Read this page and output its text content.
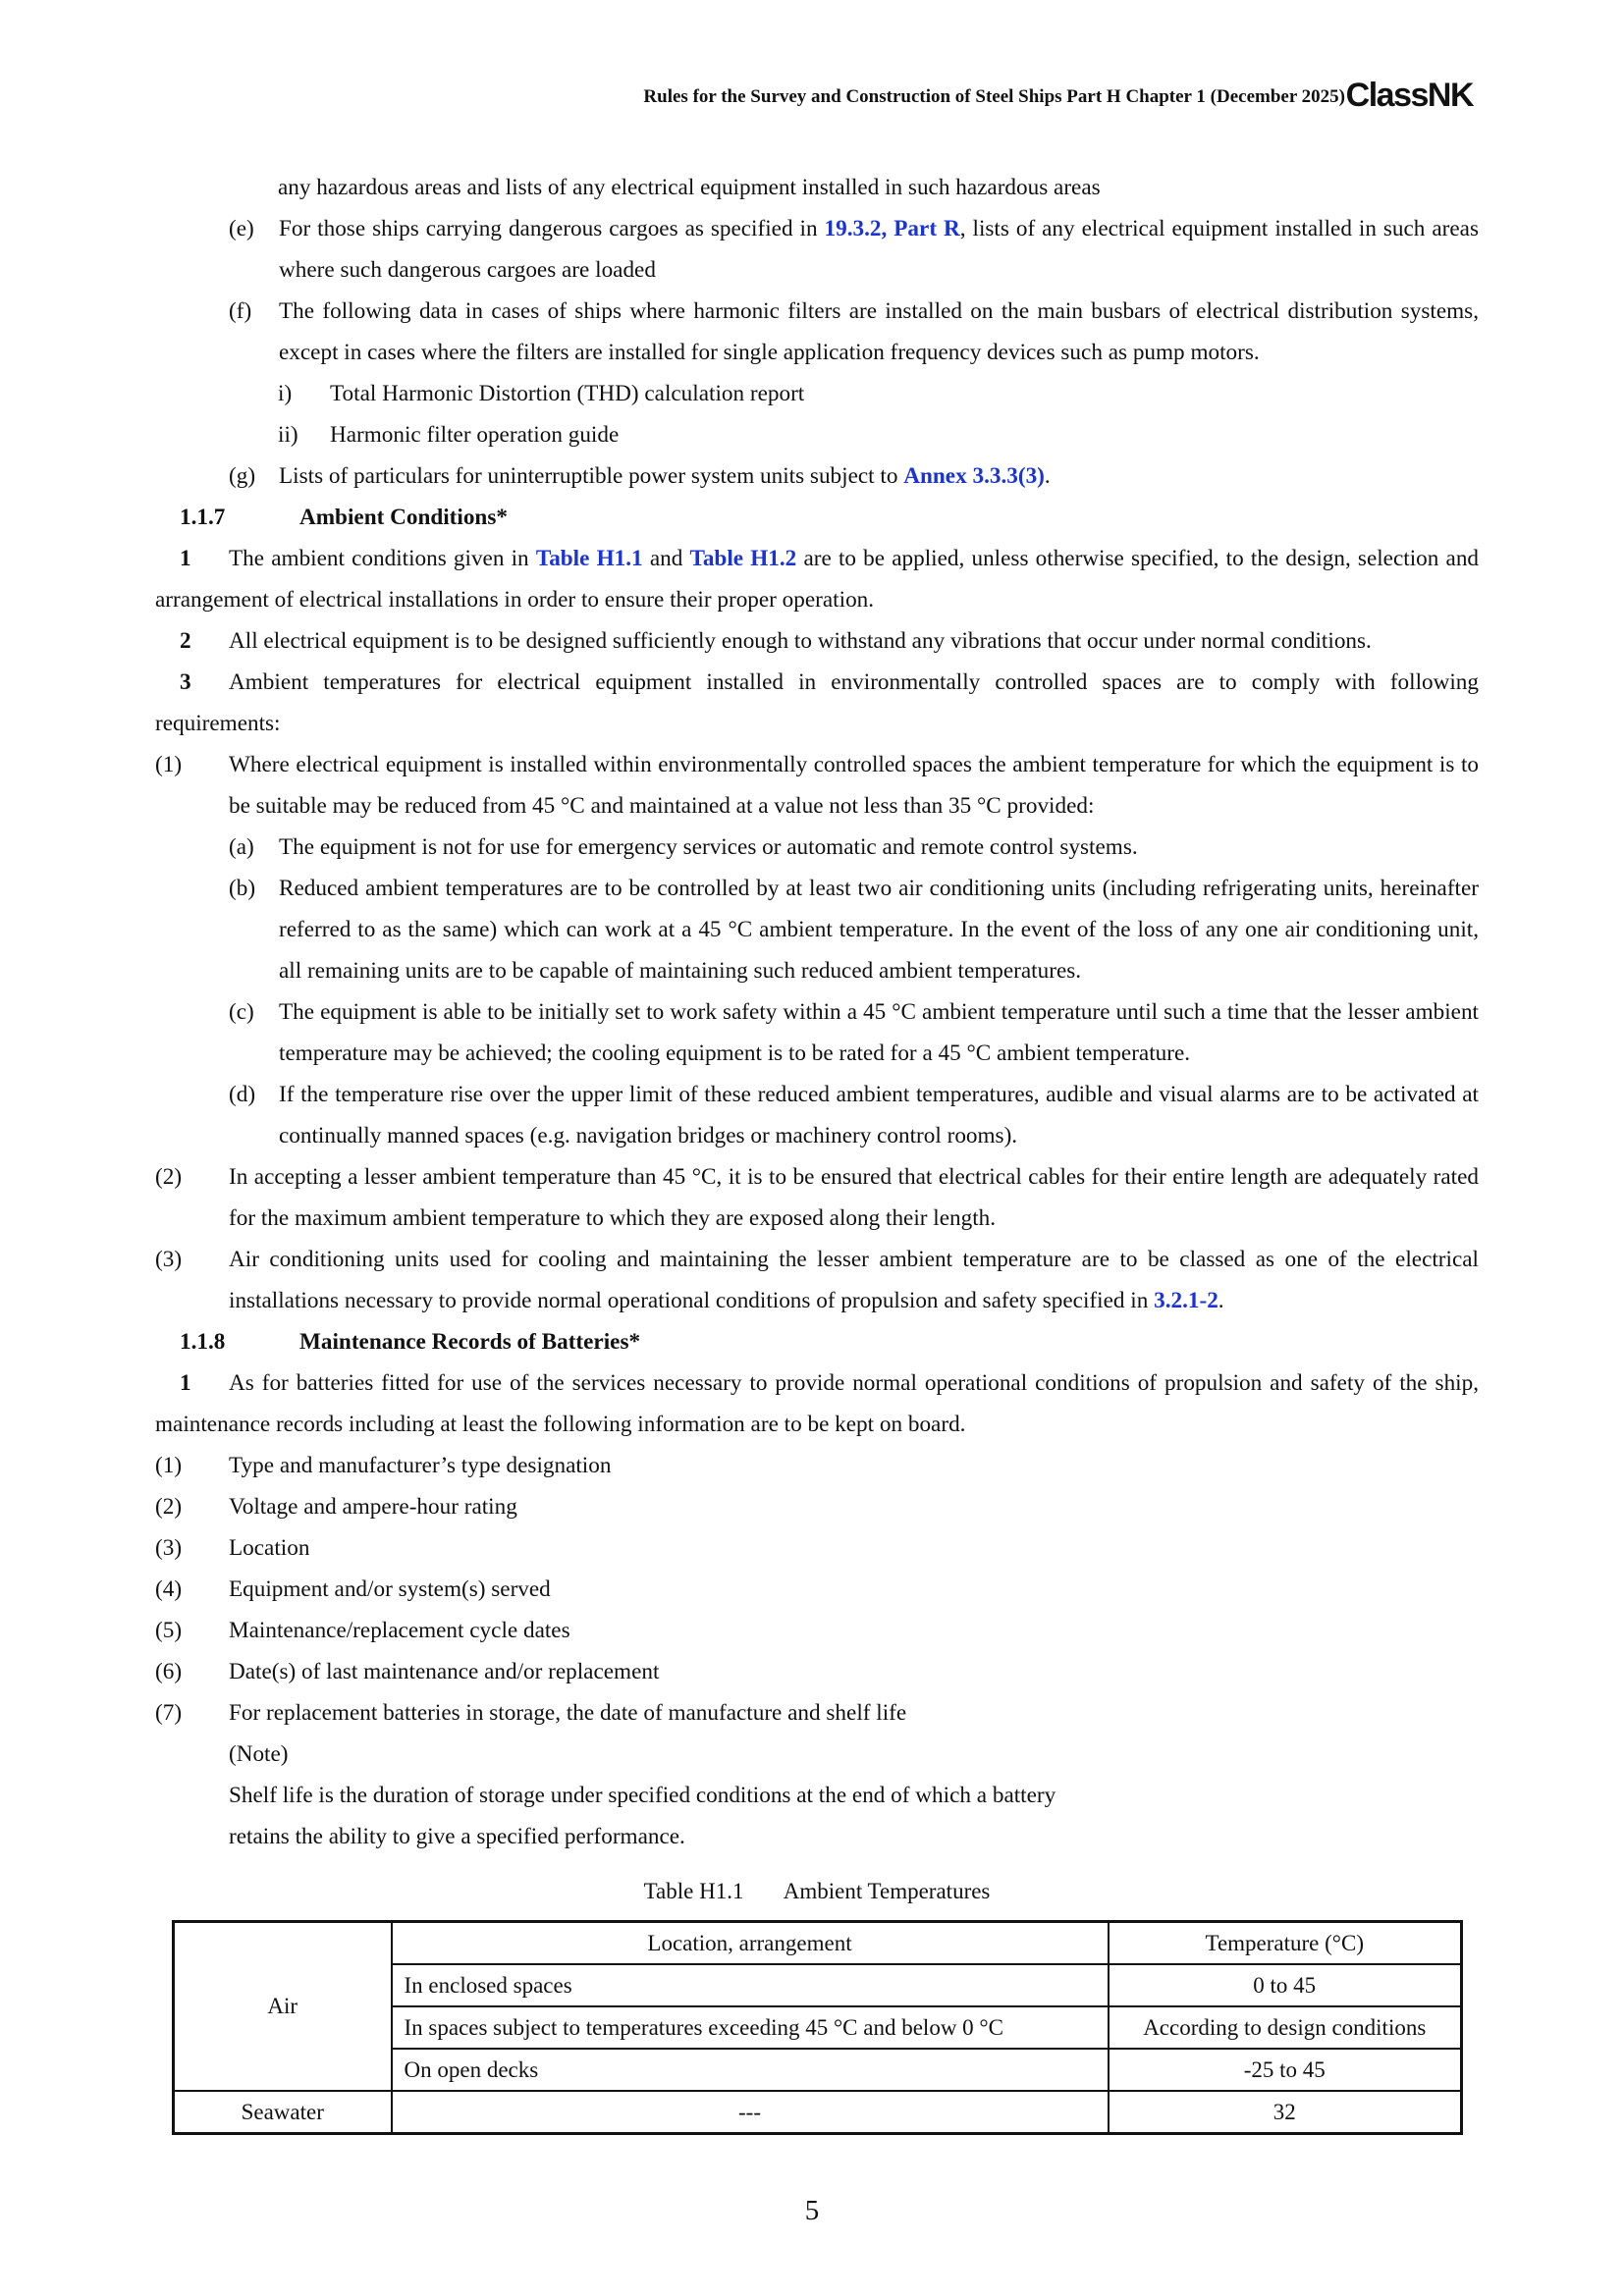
Rules for the Survey and Construction of Steel Ships Part H Chapter 1 (December 2025) ClassNK

any hazardous areas and lists of any electrical equipment installed in such hazardous areas

(e)	For those ships carrying dangerous cargoes as specified in 19.3.2, Part R, lists of any electrical equipment installed in such areas where such dangerous cargoes are loaded
(f)	The following data in cases of ships where harmonic filters are installed on the main busbars of electrical distribution systems, except in cases where the filters are installed for single application frequency devices such as pump motors.
i)	Total Harmonic Distortion (THD) calculation report
ii)	Harmonic filter operation guide
(g)	Lists of particulars for uninterruptible power system units subject to Annex 3.3.3(3).
1.1.7	Ambient Conditions*

1 The ambient conditions given in Table H1.1 and Table H1.2 are to be applied, unless otherwise specified, to the design, selection and arrangement of electrical installations in order to ensure their proper operation.

2 All electrical equipment is to be designed sufficiently enough to withstand any vibrations that occur under normal conditions.

3 Ambient temperatures for electrical equipment installed in environmentally controlled spaces are to comply with following requirements:

(1)	Where electrical equipment is installed within environmentally controlled spaces the ambient temperature for which the equipment is to be suitable may be reduced from 45 °C and maintained at a value not less than 35 °C provided:
(a)	The equipment is not for use for emergency services or automatic and remote control systems.
(b)	Reduced ambient temperatures are to be controlled by at least two air conditioning units (including refrigerating units, hereinafter referred to as the same) which can work at a 45 °C ambient temperature. In the event of the loss of any one air conditioning unit, all remaining units are to be capable of maintaining such reduced ambient temperatures.
(c)	The equipment is able to be initially set to work safety within a 45 °C ambient temperature until such a time that the lesser ambient temperature may be achieved; the cooling equipment is to be rated for a 45 °C ambient temperature.
(d)	If the temperature rise over the upper limit of these reduced ambient temperatures, audible and visual alarms are to be activated at continually manned spaces (e.g. navigation bridges or machinery control rooms).
(2)	In accepting a lesser ambient temperature than 45 °C, it is to be ensured that electrical cables for their entire length are adequately rated for the maximum ambient temperature to which they are exposed along their length.
(3)	Air conditioning units used for cooling and maintaining the lesser ambient temperature are to be classed as one of the electrical installations necessary to provide normal operational conditions of propulsion and safety specified in 3.2.1-2.
1.1.8	Maintenance Records of Batteries*

1 As for batteries fitted for use of the services necessary to provide normal operational conditions of propulsion and safety of the ship, maintenance records including at least the following information are to be kept on board.

(1)	Type and manufacturer’s type designation
(2)	Voltage and ampere-hour rating
(3)	Location
(4)	Equipment and/or system(s) served
(5)	Maintenance/replacement cycle dates
(6)	Date(s) of last maintenance and/or replacement
(7)	For replacement batteries in storage, the date of manufacture and shelf life

(Note)

Shelf life is the duration of storage under specified conditions at the end of which a battery

retains the ability to give a specified performance.

Table H1.1 Ambient Temperatures

Air	Location, arrangement	Temperature (°C)
	In enclosed spaces	0 to 45
	In spaces subject to temperatures exceeding 45 °C and below 0 °C	According to design conditions
	On open decks	-25 to 45
Seawater	---	32
5
